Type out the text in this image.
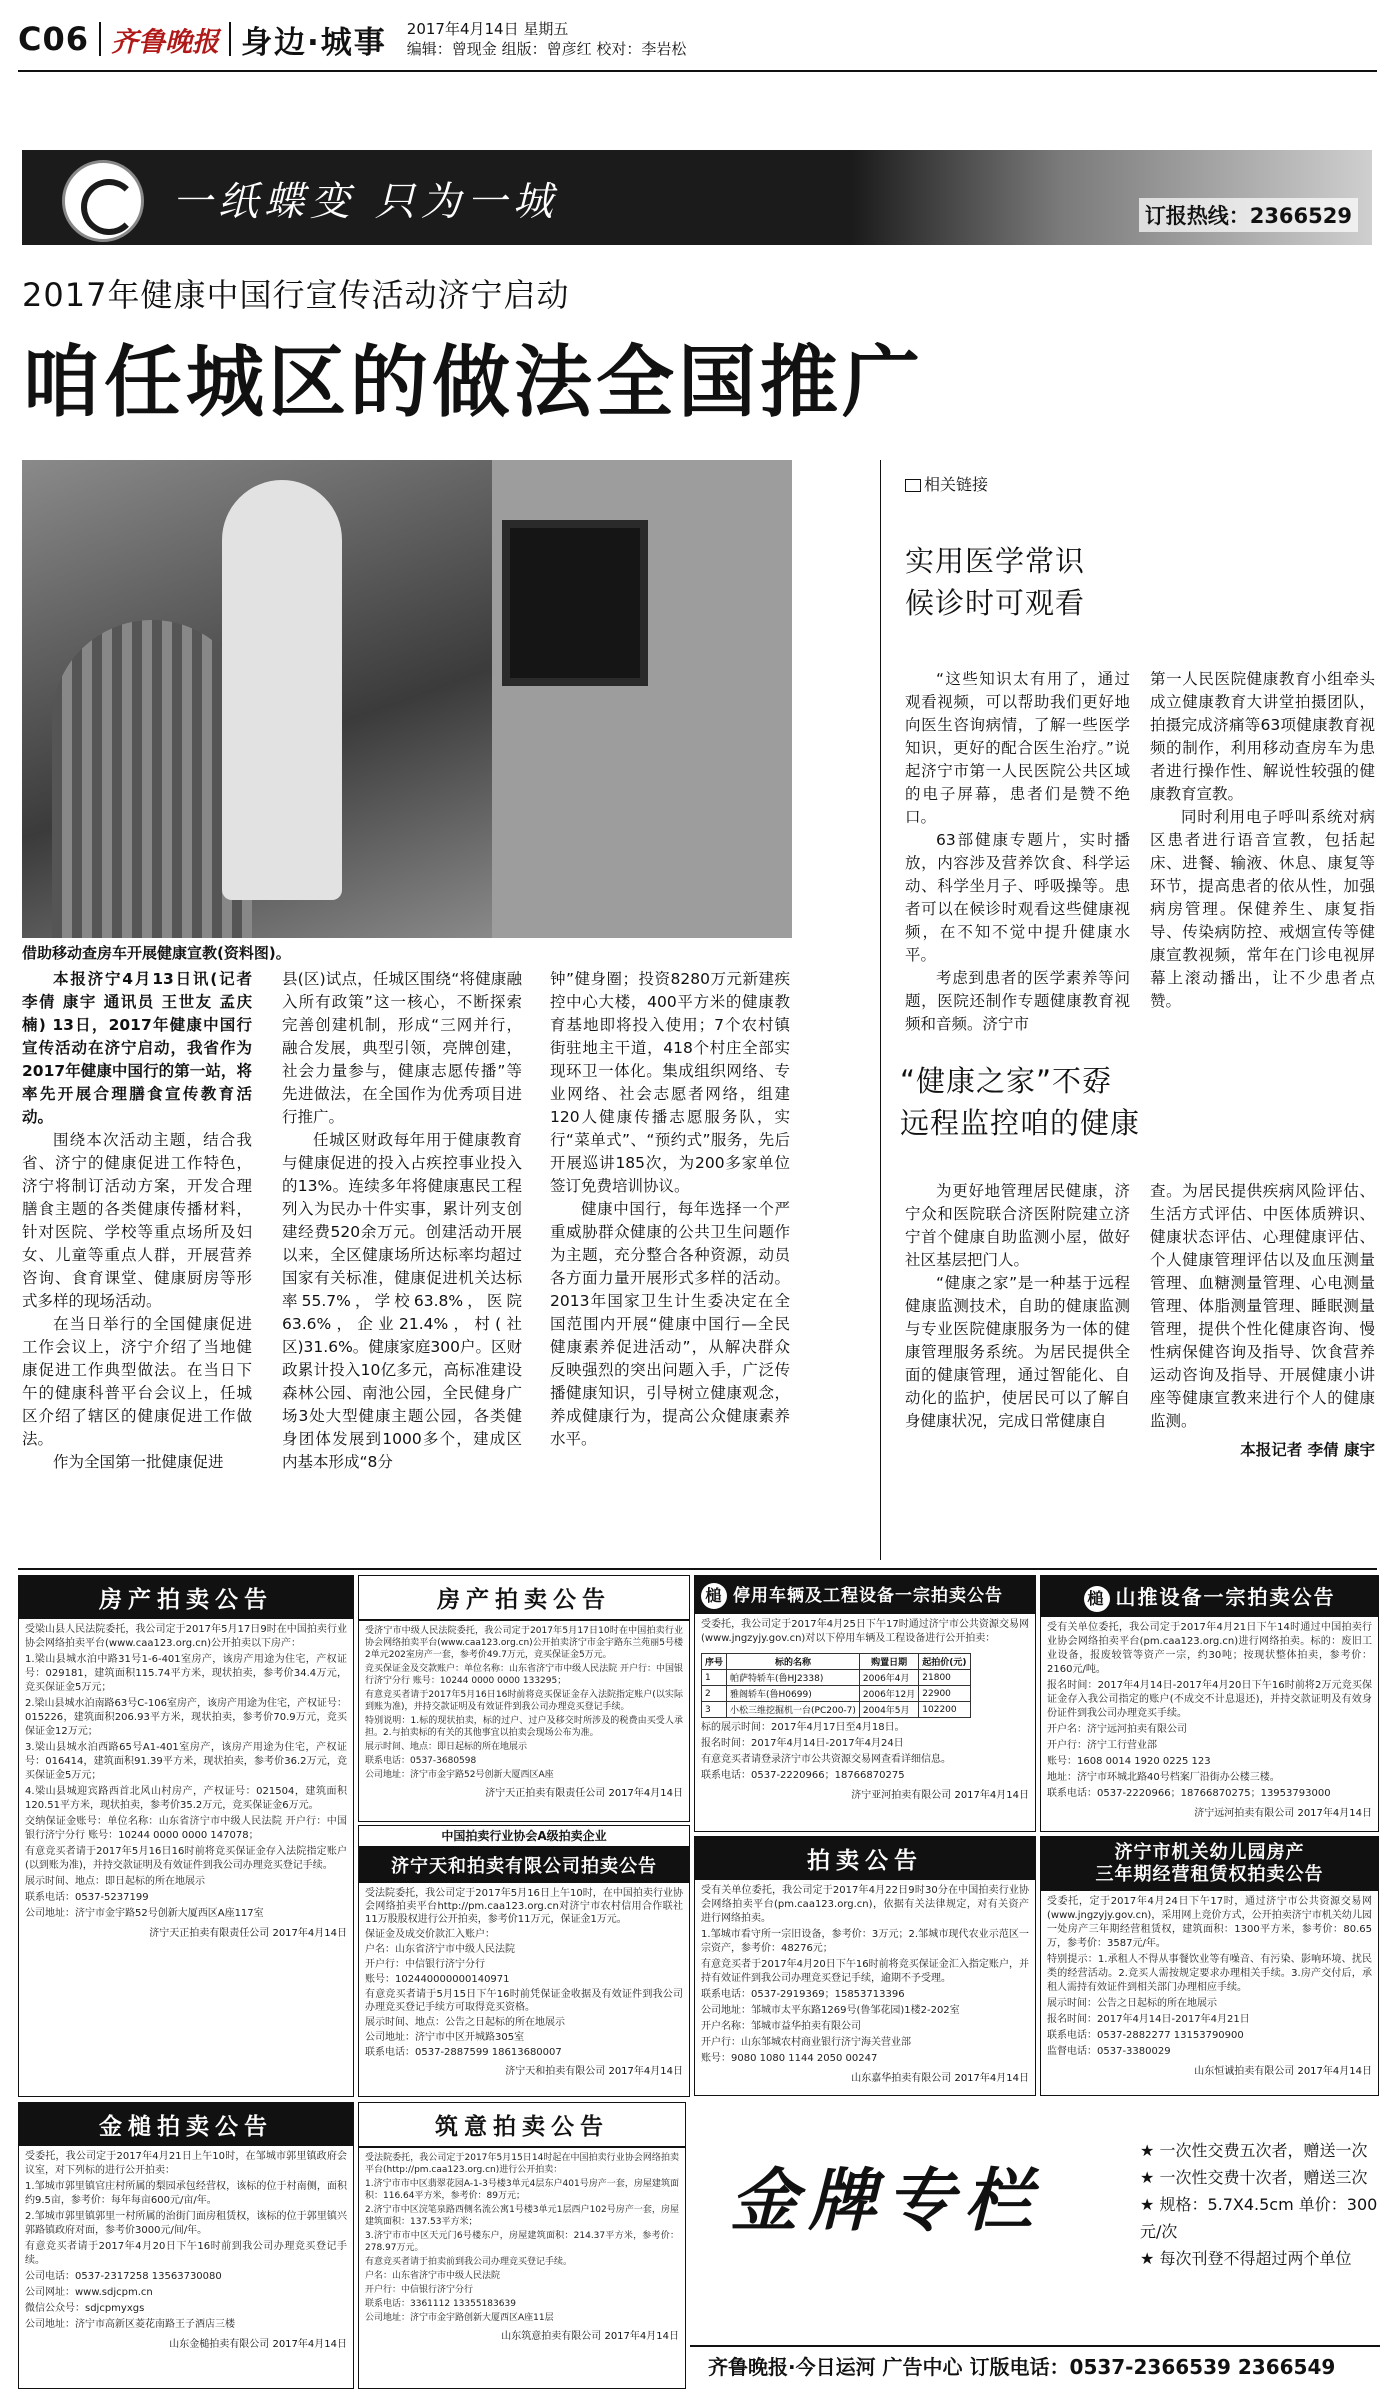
C06 齐鲁晚报 身边·城事 2017年4月14日 星期五
编辑：曾现金 组版：曾彦红 校对：李岩松
一纸蝶变 只为一城	订报热线：2366529
2017年健康中国行宣传活动济宁启动
咱任城区的做法全国推广
借助移动查房车开展健康宣教(资料图)。

本报济宁4月13日讯(记者 李倩 康宇 通讯员 王世友 孟庆楠) 13日，2017年健康中国行宣传活动在济宁启动，我省作为2017年健康中国行的第一站，将率先开展合理膳食宣传教育活动。

围绕本次活动主题，结合我省、济宁的健康促进工作特色，济宁将制订活动方案，开发合理膳食主题的各类健康传播材料，针对医院、学校等重点场所及妇女、儿童等重点人群，开展营养咨询、食育课堂、健康厨房等形式多样的现场活动。

在当日举行的全国健康促进工作会议上，济宁介绍了当地健康促进工作典型做法。在当日下午的健康科普平台会议上，任城区介绍了辖区的健康促进工作做法。

作为全国第一批健康促进

县(区)试点，任城区围绕“将健康融入所有政策”这一核心，不断探索完善创建机制，形成“三网并行，融合发展，典型引领，亮牌创建，社会力量参与，健康志愿传播”等先进做法，在全国作为优秀项目进行推广。

任城区财政每年用于健康教育与健康促进的投入占疾控事业投入的13%。连续多年将健康惠民工程列入为民办十件实事，累计列支创建经费520余万元。创建活动开展以来，全区健康场所达标率均超过国家有关标准，健康促进机关达标率55.7%，学校63.8%，医院63.6%，企业21.4%，村(社区)31.6%。健康家庭300户。区财政累计投入10亿多元，高标准建设森林公园、南池公园，全民健身广场3处大型健康主题公园，各类健身团体发展到1000多个，建成区内基本形成“8分

钟”健身圈；投资8280万元新建疾控中心大楼，400平方米的健康教育基地即将投入使用；7个农村镇街驻地主干道，418个村庄全部实现环卫一体化。集成组织网络、专业网络、社会志愿者网络，组建120人健康传播志愿服务队，实行“菜单式”、“预约式”服务，先后开展巡讲185次，为200多家单位签订免费培训协议。

健康中国行，每年选择一个严重威胁群众健康的公共卫生问题作为主题，充分整合各种资源，动员各方面力量开展形式多样的活动。2013年国家卫生计生委决定在全国范围内开展“健康中国行—全民健康素养促进活动”，从解决群众反映强烈的突出问题入手，广泛传播健康知识，引导树立健康观念，养成健康行为，提高公众健康素养水平。

相关链接
实用医学常识
候诊时可观看

“这些知识太有用了，通过观看视频，可以帮助我们更好地向医生咨询病情，了解一些医学知识，更好的配合医生治疗。”说起济宁市第一人民医院公共区域的电子屏幕，患者们是赞不绝口。

63部健康专题片，实时播放，内容涉及营养饮食、科学运动、科学坐月子、呼吸操等。患者可以在候诊时观看这些健康视频，在不知不觉中提升健康水平。

考虑到患者的医学素养等问题，医院还制作专题健康教育视频和音频。济宁市

第一人民医院健康教育小组牵头成立健康教育大讲堂拍摄团队，拍摄完成济痛等63项健康教育视频的制作，利用移动查房车为患者进行操作性、解说性较强的健康教育宣教。

同时利用电子呼叫系统对病区患者进行语音宣教，包括起床、进餐、输液、休息、康复等环节，提高患者的依从性，加强病房管理。保健养生、康复指导、传染病防控、戒烟宣传等健康宣教视频，常年在门诊电视屏幕上滚动播出，让不少患者点赞。

“健康之家”不孬
远程监控咱的健康

为更好地管理居民健康，济宁众和医院联合济医附院建立济宁首个健康自助监测小屋，做好社区基层把门人。

“健康之家”是一种基于远程健康监测技术，自助的健康监测与专业医院健康服务为一体的健康管理服务系统。为居民提供全面的健康管理，通过智能化、自动化的监护，使居民可以了解自身健康状况，完成日常健康自

查。为居民提供疾病风险评估、生活方式评估、中医体质辨识、健康状态评估、心理健康评估、个人健康管理评估以及血压测量管理、血糖测量管理、心电测量管理、体脂测量管理、睡眠测量管理，提供个性化健康咨询、慢性病保健咨询及指导、饮食营养运动咨询及指导、开展健康小讲座等健康宣教来进行个人的健康监测。

本报记者 李倩 康宇

房产拍卖公告

受梁山县人民法院委托，我公司定于2017年5月17日9时在中国拍卖行业协会网络拍卖平台(www.caa123.org.cn)公开拍卖以下房产：

1.梁山县城水泊中路31号1-6-401室房产，该房产用途为住宅，产权证号：029181，建筑面积115.74平方米，现状拍卖，参考价34.4万元，竞买保证金5万元；

2.梁山县城水泊南路63号C-106室房产，该房产用途为住宅，产权证号：015226，建筑面积206.93平方米，现状拍卖，参考价70.9万元，竞买保证金12万元；

3.梁山县城水泊西路65号A1-401室房产，该房产用途为住宅，产权证号：016414，建筑面积91.39平方米，现状拍卖，参考价36.2万元，竞买保证金5万元；

4.梁山县城迎宾路西首北风山村房产，产权证号：021504，建筑面积120.51平方米，现状拍卖，参考价35.2万元，竞买保证金6万元。

交纳保证金账号：单位名称：山东省济宁市中级人民法院 开户行：中国银行济宁分行 账号：10244 0000 0000 147078；

有意竞买者请于2017年5月16日16时前将竞买保证金存入法院指定账户(以到账为准)，并持交款证明及有效证件到我公司办理竞买登记手续。

展示时间、地点：即日起标的所在地展示

联系电话：0537-5237199

公司地址：济宁市金宇路52号创新大厦西区A座117室

济宁天正拍卖有限责任公司 2017年4月14日
房产拍卖公告

受济宁市中级人民法院委托，我公司定于2017年5月17日10时在中国拍卖行业协会网络拍卖平台(www.caa123.org.cn)公开拍卖济宁市金宇路东兰苑丽5号楼2单元202室房产一套，参考价49.7万元，竞买保证金5万元。

竞买保证金及交款账户：单位名称：山东省济宁市中级人民法院 开户行：中国银行济宁分行 账号：10244 0000 0000 133295；

有意竞买者请于2017年5月16日16时前将竞买保证金存入法院指定账户(以实际到账为准)，并持交款证明及有效证件到我公司办理竞买登记手续。

特别说明：1.标的现状拍卖，标的过户、过户及移交时所涉及的税费由买受人承担。2.与拍卖标的有关的其他事宜以拍卖会现场公布为准。

展示时间、地点：即日起标的所在地展示

联系电话：0537-3680598

公司地址：济宁市金宇路52号创新大厦西区A座

济宁天正拍卖有限责任公司 2017年4月14日
中国拍卖行业协会A级拍卖企业
济宁天和拍卖有限公司拍卖公告

受法院委托，我公司定于2017年5月16日上午10时，在中国拍卖行业协会网络拍卖平台http://pm.caa123.org.cn对济宁市农村信用合作联社11万股股权进行公开拍卖，参考价11万元，保证金1万元。

保证金及成交价款汇入账户：

户名：山东省济宁市中级人民法院

开户行：中信银行济宁分行

账号：102440000000140971

有意竞买者请于5月15日下午16时前凭保证金收据及有效证件到我公司办理竞买登记手续方可取得竞买资格。

展示时间、地点：公告之日起标的所在地展示

公司地址：济宁市中区开城路305室

联系电话：0537-2887599 18613680007

济宁天和拍卖有限公司 2017年4月14日
槌 停用车辆及工程设备一宗拍卖公告
受委托，我公司定于2017年4月25日下午17时通过济宁市公共资源交易网(www.jngzyjy.gov.cn)对以下停用车辆及工程设备进行公开拍卖：
序号	标的名称	购置日期	起拍价(元)
1	帕萨特轿车(鲁HJ2338)	2006年4月	21800
2	雅阁轿车(鲁H0699)	2006年12月	22900
3	小松三维挖掘机一台(PC200-7)	2004年5月	102200

标的展示时间：2017年4月17日至4月18日。

报名时间：2017年4月14日-2017年4月24日

有意竞买者请登录济宁市公共资源交易网查看详细信息。

联系电话：0537-2220966；18766870275

济宁亚河拍卖有限公司 2017年4月14日
槌 山推设备一宗拍卖公告

受有关单位委托，我公司定于2017年4月21日下午14时通过中国拍卖行业协会网络拍卖平台(pm.caa123.org.cn)进行网络拍卖。标的：废旧工业设备，报废较管等资产一宗，约30吨；按现状整体拍卖，参考价：2160元/吨。

报名时间：2017年4月14日-2017年4月20日下午16时前将2万元竞买保证金存入我公司指定的账户(不成交不计息退还)，并持交款证明及有效身份证件到我公司办理竞买手续。

开户名：济宁远河拍卖有限公司

开户行：济宁工行营业部

账号：1608 0014 1920 0225 123

地址：济宁市环城北路40号档案厂沿街办公楼三楼。

联系电话：0537-2220966；18766870275；13953793000

济宁远河拍卖有限公司 2017年4月14日
拍卖公告

受有关单位委托，我公司定于2017年4月22日9时30分在中国拍卖行业协会网络拍卖平台(pm.caa123.org.cn)，依据有关法律规定，对有关资产进行网络拍卖。

1.邹城市看守所一宗旧设备，参考价：3万元；2.邹城市现代农业示范区一宗资产，参考价：48276元；

有意竞买者于2017年4月20日下午16时前将竞买保证金汇入指定账户，并持有效证件到我公司办理竞买登记手续，逾期不予受理。

联系电话：0537-2919369；15853713396

公司地址：邹城市太平东路1269号(鲁邹花园)1楼2-202室

开户名称：邹城市益华拍卖有限公司

开户行：山东邹城农村商业银行济宁海关营业部

账号：9080 1080 1144 2050 00247

山东嘉华拍卖有限公司 2017年4月14日
济宁市机关幼儿园房产
三年期经营租赁权拍卖公告

受委托，定于2017年4月24日下午17时，通过济宁市公共资源交易网(www.jngzyjy.gov.cn)，采用网上竞价方式，公开拍卖济宁市机关幼儿园一处房产三年期经营租赁权，建筑面积：1300平方米，参考价：80.65万，参考价：3587元/年。

特别提示：1.承租人不得从事餐饮业等有噪音、有污染、影响环境、扰民类的经营活动。2.竞买人需按规定要求办理相关手续。3.房产交付后，承租人需持有效证件到相关部门办理相应手续。

展示时间：公告之日起标的所在地展示

报名时间：2017年4月14日-2017年4月21日

联系电话：0537-2882277 13153790900

监督电话：0537-3380029

山东恒诚拍卖有限公司 2017年4月14日
金槌拍卖公告

受委托，我公司定于2017年4月21日上午10时，在邹城市郭里镇政府会议室，对下列标的进行公开拍卖：

1.邹城市郭里镇官庄村所属的梨园承包经营权，该标的位于村南侧，面积约9.5亩，参考价：每年每亩600元/亩/年。

2.邹城市郭里镇郭里一村所属的治街门面房租赁权，该标的位于郭里镇兴郭路镇政府对面，参考价3000元/间/年。

有意竞买者请于2017年4月20日下午16时前到我公司办理竞买登记手续。

公司电话：0537-2317258 13563730080

公司网址：www.sdjcpm.cn

微信公众号：sdjcpmyxgs

公司地址：济宁市高新区菱花南路王子酒店三楼

山东金槌拍卖有限公司 2017年4月14日
筑意拍卖公告

受法院委托，我公司定于2017年5月15日14时起在中国拍卖行业协会网络拍卖平台(http://pm.caa123.org.cn)进行公开拍卖：

1.济宁市市中区翡翠花园A-1-3号楼3单元4层东户401号房产一套，房屋建筑面积：116.64平方米，参考价：89万元；

2.济宁市中区浣笔泉路西侧名流公寓1号楼3单元1层西户102号房产一套，房屋建筑面积：137.53平方米；

3.济宁市市中区天元门6号楼东户，房屋建筑面积：214.37平方米，参考价：278.97万元。

有意竞买者请于拍卖前到我公司办理竞买登记手续。

户名：山东省济宁市中级人民法院

开户行：中信银行济宁分行

联系电话：3361112 13355183639

公司地址：济宁市金宇路创新大厦西区A座11层

山东筑意拍卖有限公司 2017年4月14日
金牌专栏
★ 一次性交费五次者，赠送一次
★ 一次性交费十次者，赠送三次
★ 规格：5.7X4.5cm 单价：300元/次
★ 每次刊登不得超过两个单位
齐鲁晚报·今日运河 广告中心 订版电话：0537-2366539 2366549
